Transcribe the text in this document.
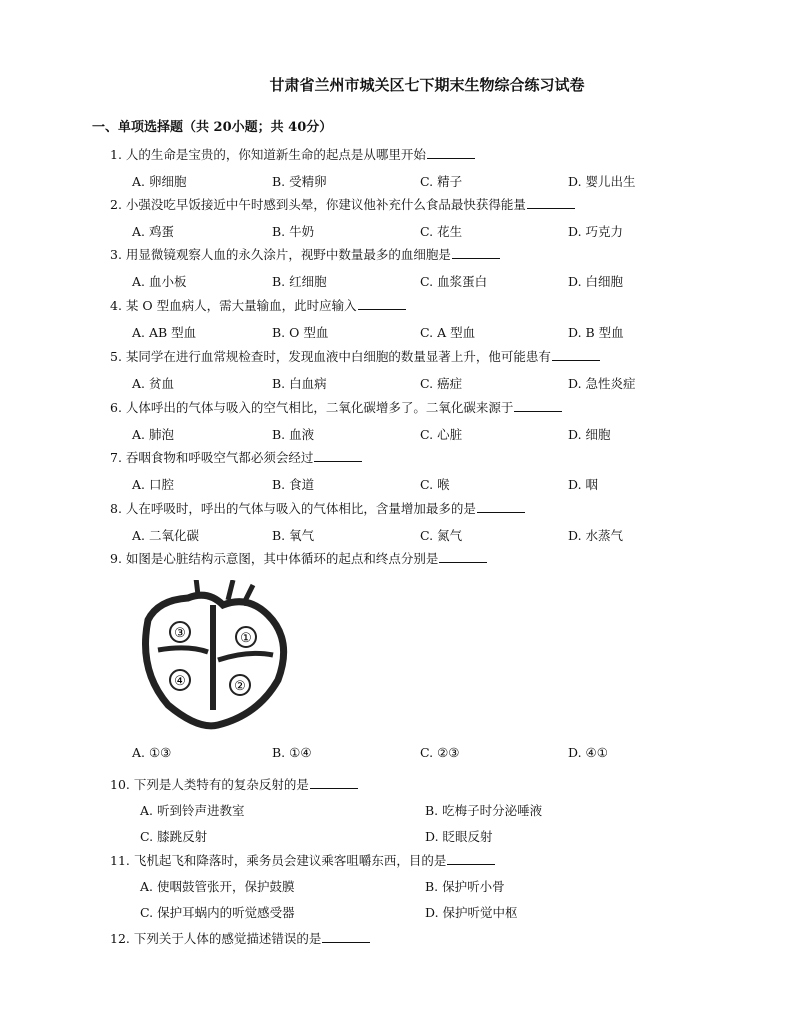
甘肃省兰州市城关区七下期末生物综合练习试卷
一、单项选择题（共 20小题；共 40分）
1. 人的生命是宝贵的，你知道新生命的起点是从哪里开始
A. 卵细胞	B. 受精卵	C. 精子	D. 婴儿出生
2. 小强没吃早饭接近中午时感到头晕，你建议他补充什么食品最快获得能量
A. 鸡蛋	B. 牛奶	C. 花生	D. 巧克力
3. 用显微镜观察人血的永久涂片，视野中数量最多的血细胞是
A. 血小板	B. 红细胞	C. 血浆蛋白	D. 白细胞
4. 某 O 型血病人，需大量输血，此时应输入
A. AB 型血	B. O 型血	C. A 型血	D. B 型血
5. 某同学在进行血常规检查时，发现血液中白细胞的数量显著上升，他可能患有
A. 贫血	B. 白血病	C. 癌症	D. 急性炎症
6. 人体呼出的气体与吸入的空气相比，二氧化碳增多了。二氧化碳来源于
A. 肺泡	B. 血液	C. 心脏	D. 细胞
7. 吞咽食物和呼吸空气都必须会经过
A. 口腔	B. 食道	C. 喉	D. 咽
8. 人在呼吸时，呼出的气体与吸入的气体相比，含量增加最多的是
A. 二氧化碳	B. 氧气	C. 氮气	D. 水蒸气
9. 如图是心脏结构示意图，其中体循环的起点和终点分别是
A. ①③	B. ①④	C. ②③	D. ④①
10. 下列是人类特有的复杂反射的是
A. 听到铃声进教室	B. 吃梅子时分泌唾液
C. 膝跳反射	D. 眨眼反射
11. 飞机起飞和降落时，乘务员会建议乘客咀嚼东西，目的是
A. 使咽鼓管张开，保护鼓膜	B. 保护听小骨
C. 保护耳蜗内的听觉感受器	D. 保护听觉中枢
12. 下列关于人体的感觉描述错误的是
③	①
④	②
